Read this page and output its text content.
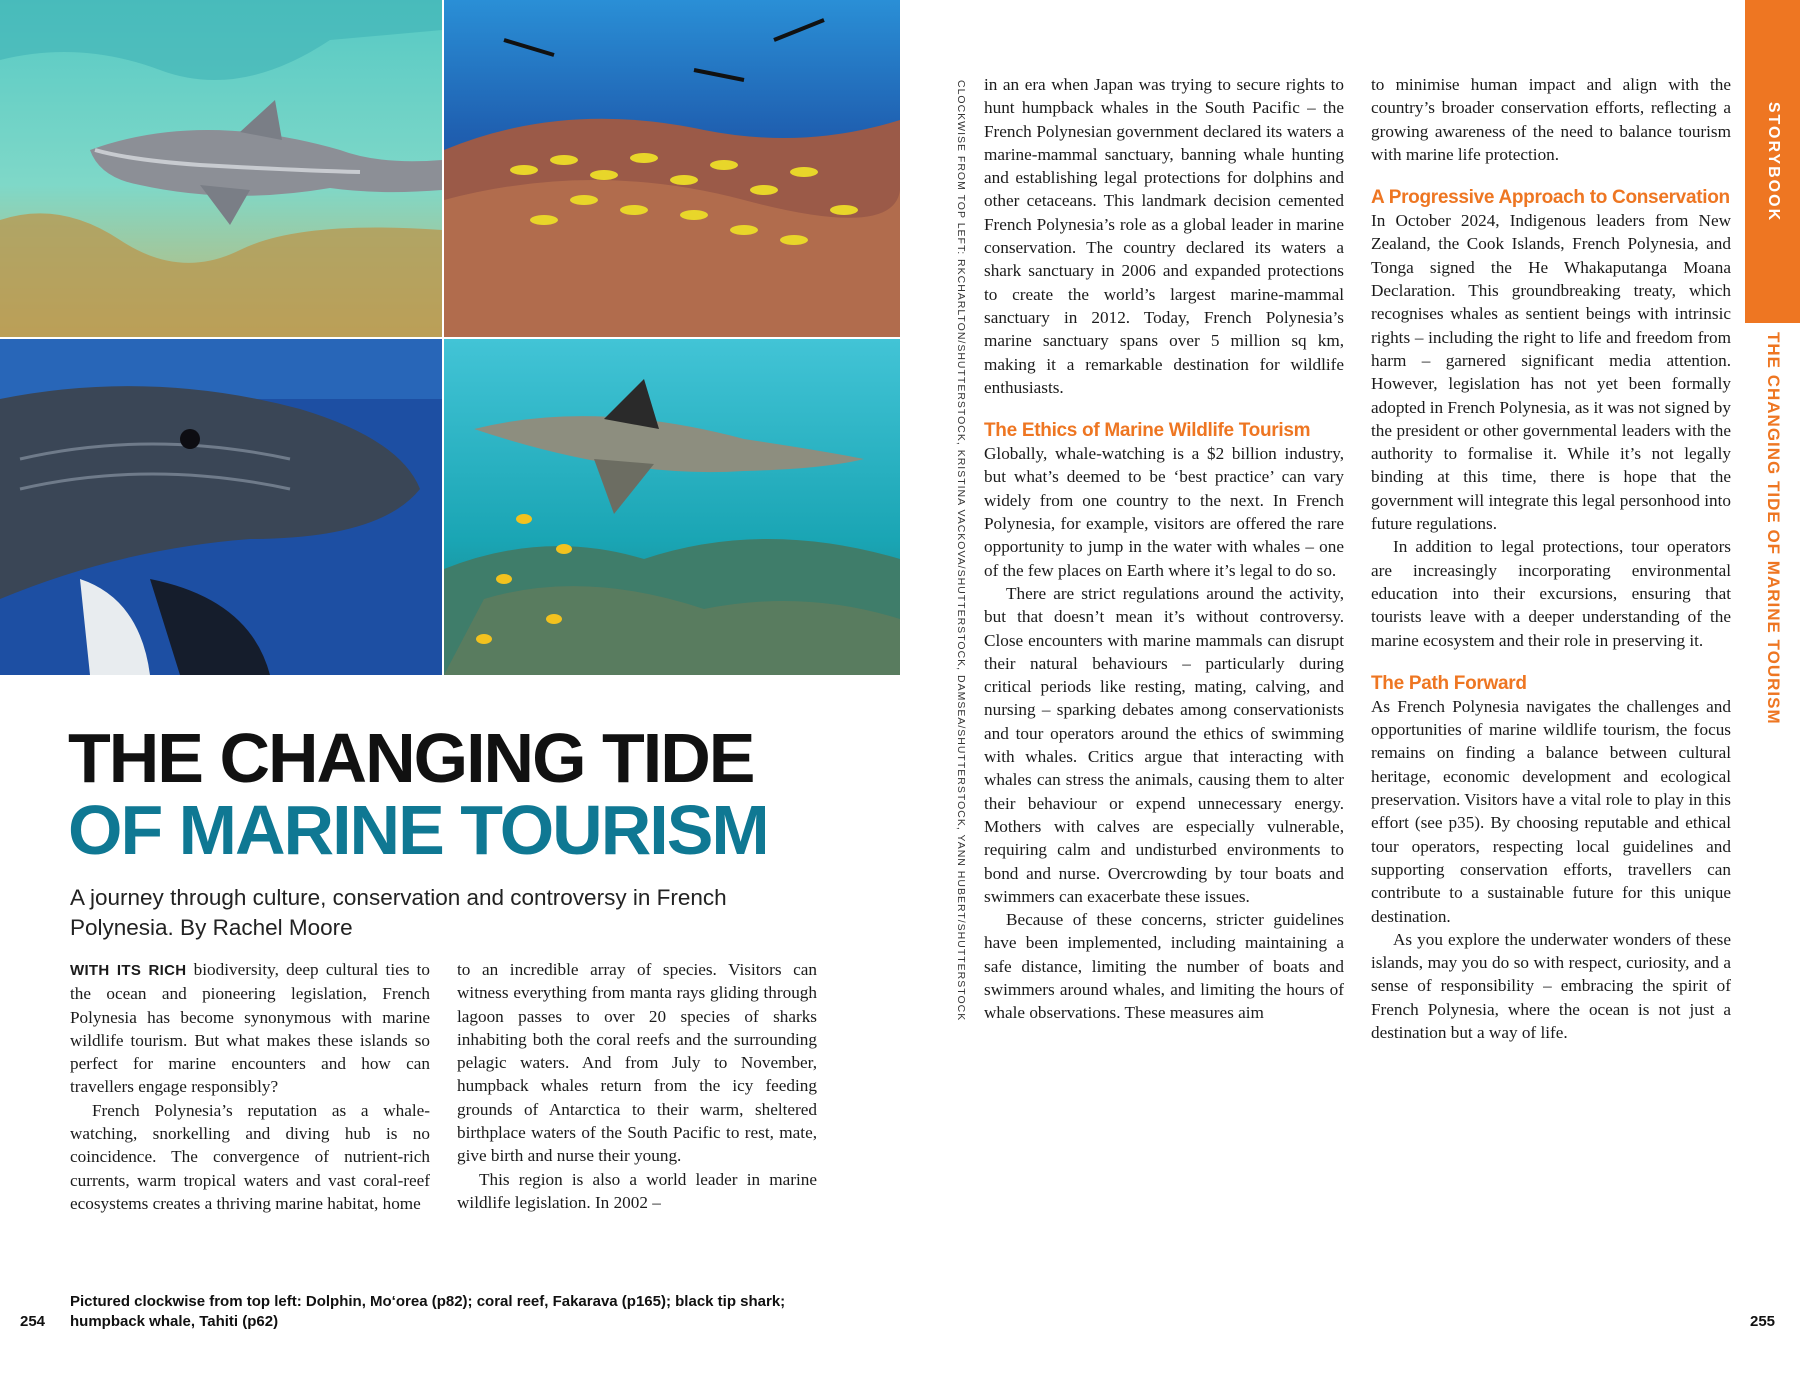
THE CHANGING TIDE
OF MARINE TOURISM
A journey through culture, conservation and controversy in French Polynesia. By Rachel Moore

WITH ITS RICH biodiversity, deep cultural ties to the ocean and pioneering legislation, French Polynesia has become synonymous with marine wildlife tourism. But what makes these islands so perfect for marine encounters and how can travellers engage responsibly?

French Polynesia’s reputation as a whale-watching, snorkelling and diving hub is no coincidence. The convergence of nutrient-rich currents, warm tropical waters and vast coral-reef ecosystems creates a thriving marine habitat, home

to an incredible array of species. Visitors can witness everything from manta rays gliding through lagoon passes to over 20 species of sharks inhabiting both the coral reefs and the surrounding pelagic waters. And from July to November, humpback whales return from the icy feeding grounds of Antarctica to their warm, sheltered birthplace waters of the South Pacific to rest, mate, give birth and nurse their young.

This region is also a world leader in marine wildlife legislation. In 2002 –

Pictured clockwise from top left: Dolphin, Mo‘orea (p82); coral reef, Fakarava (p165); black tip shark; humpback whale, Tahiti (p62)
254
CLOCKWISE FROM TOP LEFT: RKCHARLTON/SHUTTERSTOCK, KRISTINA VACKOVA/SHUTTERSTOCK, DAMSEA/SHUTTERSTOCK, YANN HUBERT/SHUTTERSTOCK in an era when Japan was trying to secure rights to hunt humpback whales in the South Pacific – the French Polynesian government declared its waters a marine-mammal sanctuary, banning whale hunting and establishing legal protections for dolphins and other cetaceans. This landmark decision cemented French Polynesia’s role as a global leader in marine conservation. The country declared its waters a shark sanctuary in 2006 and expanded protections to create the world’s largest marine-mammal sanctuary in 2012. Today, French Polynesia’s marine sanctuary spans over 5 million sq km, making it a remarkable destination for wildlife enthusiasts.

The Ethics of Marine Wildlife Tourism

Globally, whale-watching is a $2 billion industry, but what’s deemed to be ‘best practice’ can vary widely from one country to the next. In French Polynesia, for example, visitors are offered the rare opportunity to jump in the water with whales – one of the few places on Earth where it’s legal to do so.

There are strict regulations around the activity, but that doesn’t mean it’s without controversy. Close encounters with marine mammals can disrupt their natural behaviours – particularly during critical periods like resting, mating, calving, and nursing – sparking debates among conservationists and tour operators around the ethics of swimming with whales. Critics argue that interacting with whales can stress the animals, causing them to alter their behaviour or expend unnecessary energy. Mothers with calves are especially vulnerable, requiring calm and undisturbed environments to bond and nurse. Overcrowding by tour boats and swimmers can exacerbate these issues.

Because of these concerns, stricter guidelines have been implemented, including maintaining a safe distance, limiting the number of boats and swimmers around whales, and limiting the hours of whale observations. These measures aim

to minimise human impact and align with the country’s broader conservation efforts, reflecting a growing awareness of the need to balance tourism with marine life protection.

A Progressive Approach to Conservation

In October 2024, Indigenous leaders from New Zealand, the Cook Islands, French Polynesia, and Tonga signed the He Whakaputanga Moana Declaration. This groundbreaking treaty, which recognises whales as sentient beings with intrinsic rights – including the right to life and freedom from harm – garnered significant media attention. However, legislation has not yet been formally adopted in French Polynesia, as it was not signed by the president or other governmental leaders with the authority to formalise it. While it’s not legally binding at this time, there is hope that the government will integrate this legal personhood into future regulations.

In addition to legal protections, tour operators are increasingly incorporating environmental education into their excursions, ensuring that tourists leave with a deeper understanding of the marine ecosystem and their role in preserving it.

The Path Forward

As French Polynesia navigates the challenges and opportunities of marine wildlife tourism, the focus remains on finding a balance between cultural heritage, economic development and ecological preservation. Visitors have a vital role to play in this effort (see p35). By choosing reputable and ethical tour operators, respecting local guidelines and supporting conservation efforts, travellers can contribute to a sustainable future for this unique destination.

As you explore the underwater wonders of these islands, may you do so with respect, curiosity, and a sense of responsibility – embracing the spirit of French Polynesia, where the ocean is not just a destination but a way of life.

STORYBOOK
THE CHANGING TIDE OF MARINE TOURISM
255
